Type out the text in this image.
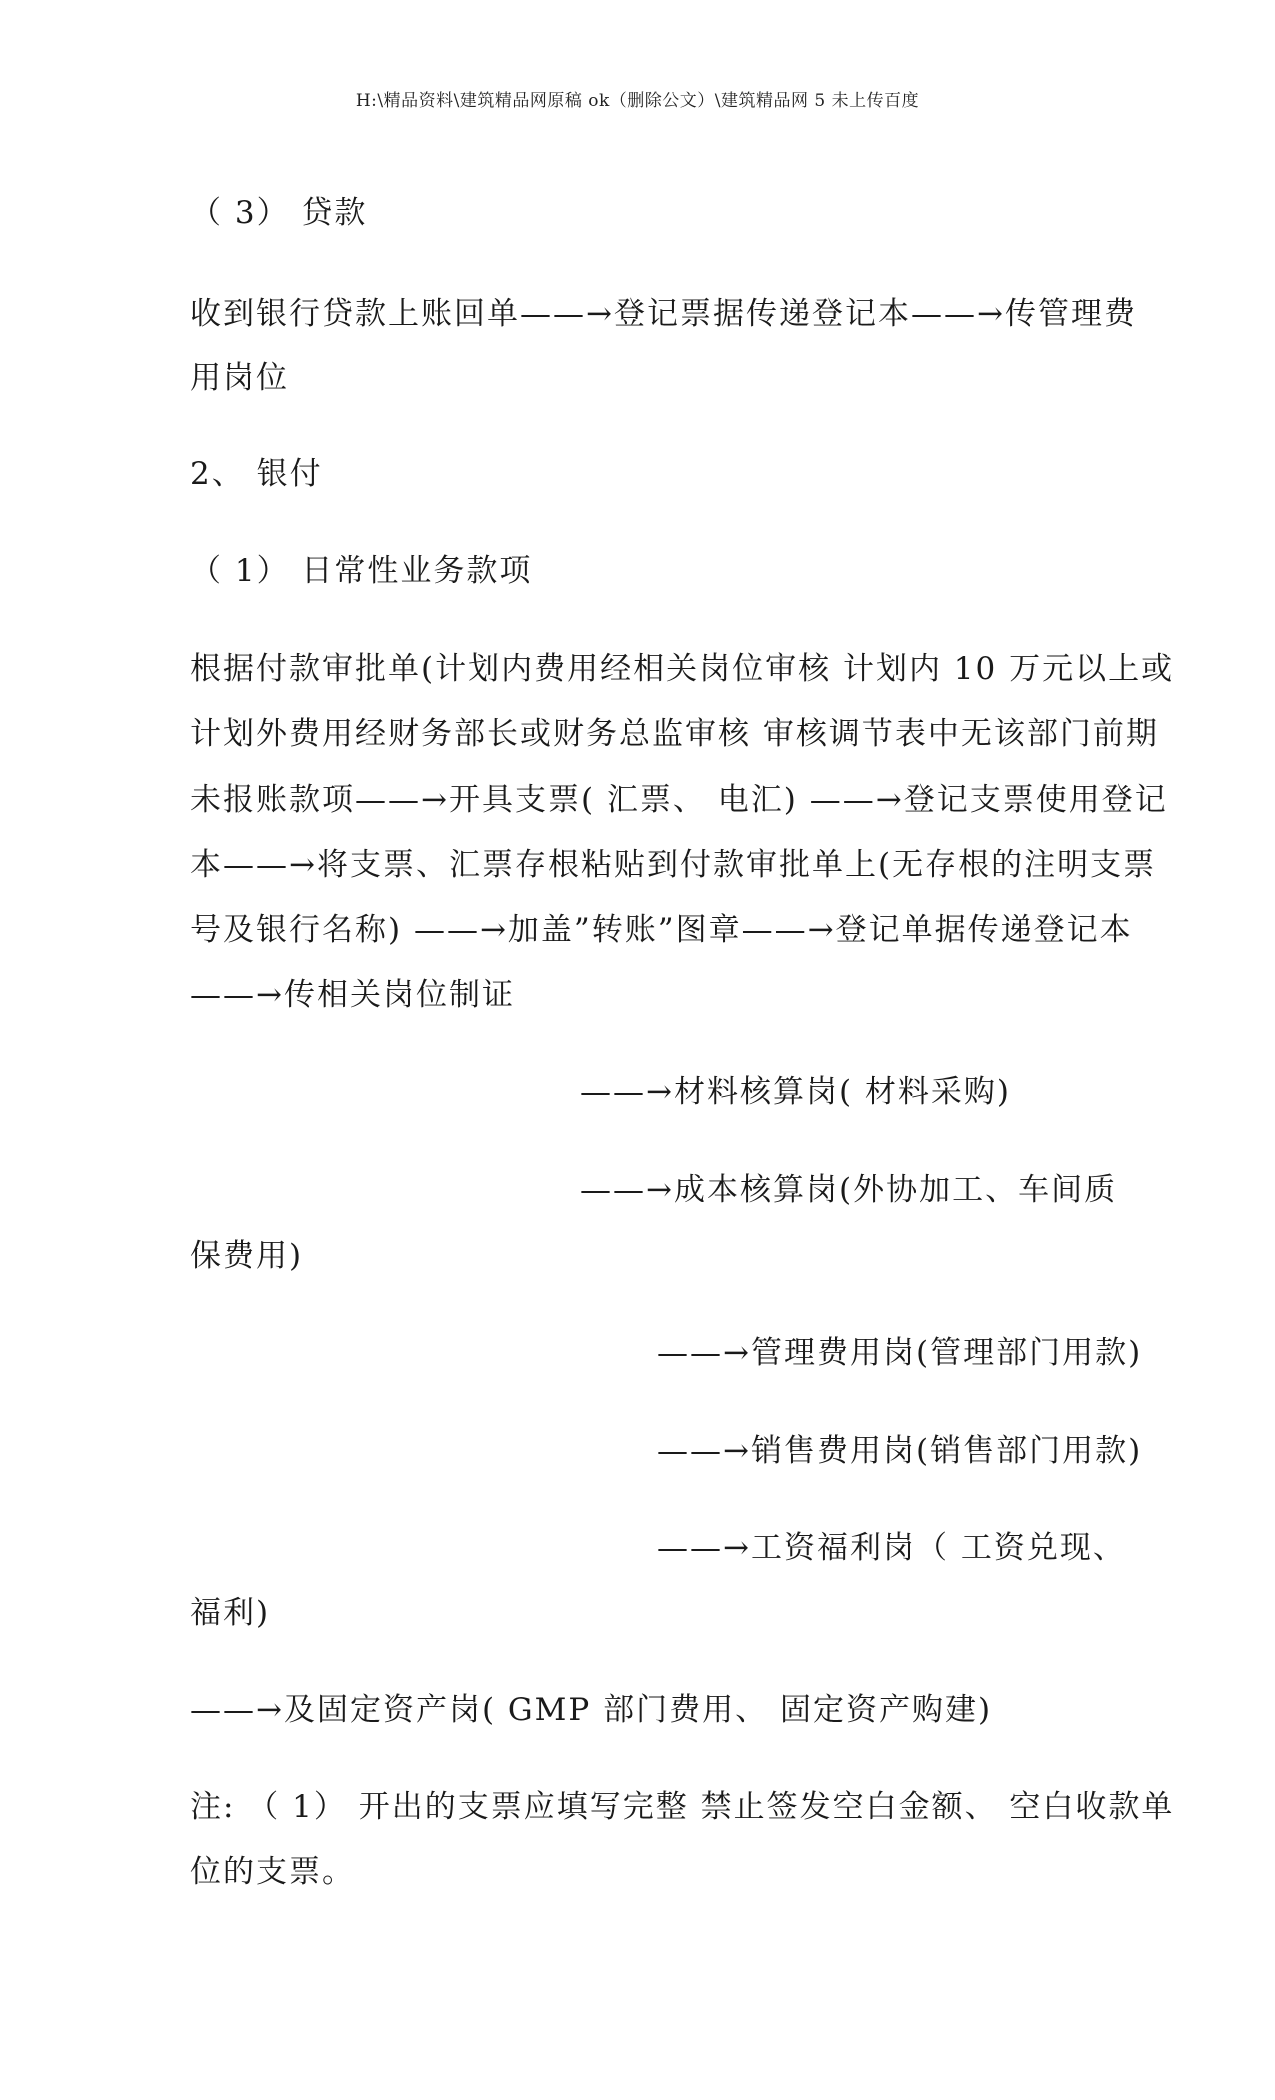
H:\精品资料\建筑精品网原稿 ok（删除公文）\建筑精品网 5 未上传百度
（ 3） 贷款
收到银行贷款上账回单——→登记票据传递登记本——→传管理费
用岗位
2、 银付
（ 1） 日常性业务款项
根据付款审批单(计划内费用经相关岗位审核 计划内 10 万元以上或
计划外费用经财务部长或财务总监审核 审核调节表中无该部门前期
未报账款项——→开具支票( 汇票、 电汇) ——→登记支票使用登记
本——→将支票、汇票存根粘贴到付款审批单上(无存根的注明支票
号及银行名称) ——→加盖”转账”图章——→登记单据传递登记本
——→传相关岗位制证
——→材料核算岗( 材料采购)
——→成本核算岗(外协加工、车间质
保费用)
——→管理费用岗(管理部门用款)
——→销售费用岗(销售部门用款)
——→工资福利岗（ 工资兑现、
福利)
——→及固定资产岗( GMP 部门费用、 固定资产购建)
注: （ 1） 开出的支票应填写完整 禁止签发空白金额、 空白收款单
位的支票。
